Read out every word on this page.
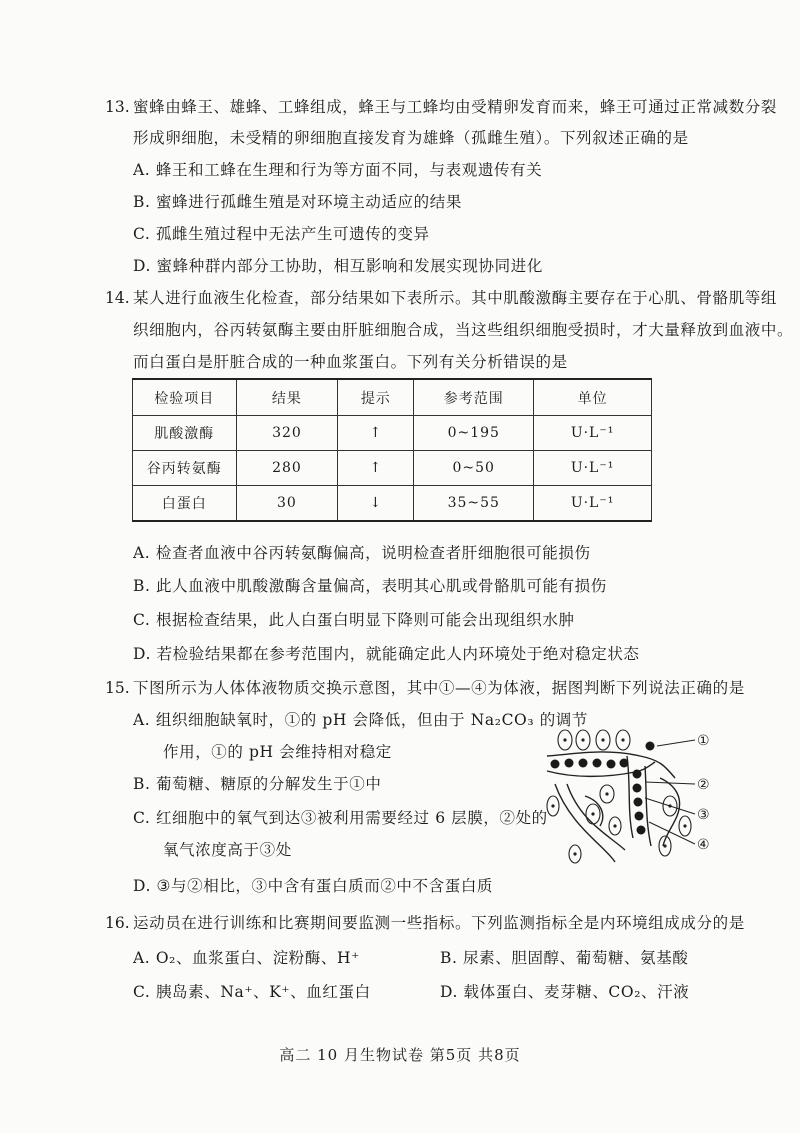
13. 蜜蜂由蜂王、雄蜂、工蜂组成，蜂王与工蜂均由受精卵发育而来，蜂王可通过正常减数分裂
形成卵细胞，未受精的卵细胞直接发育为雄蜂（孤雌生殖）。下列叙述正确的是
A. 蜂王和工蜂在生理和行为等方面不同，与表观遗传有关
B. 蜜蜂进行孤雌生殖是对环境主动适应的结果
C. 孤雌生殖过程中无法产生可遗传的变异
D. 蜜蜂种群内部分工协助，相互影响和发展实现协同进化
14. 某人进行血液生化检查，部分结果如下表所示。其中肌酸激酶主要存在于心肌、骨骼肌等组
织细胞内，谷丙转氨酶主要由肝脏细胞合成，当这些组织细胞受损时，才大量释放到血液中。
而白蛋白是肝脏合成的一种血浆蛋白。下列有关分析错误的是
检验项目	结果	提示	参考范围	单位
肌酸激酶	320	↑	0~195	U·L⁻¹
谷丙转氨酶	280	↑	0~50	U·L⁻¹
白蛋白	30	↓	35~55	U·L⁻¹
A. 检查者血液中谷丙转氨酶偏高，说明检查者肝细胞很可能损伤
B. 此人血液中肌酸激酶含量偏高，表明其心肌或骨骼肌可能有损伤
C. 根据检查结果，此人白蛋白明显下降则可能会出现组织水肿
D. 若检验结果都在参考范围内，就能确定此人内环境处于绝对稳定状态
15. 下图所示为人体体液物质交换示意图，其中①—④为体液，据图判断下列说法正确的是
A. 组织细胞缺氧时，①的 pH 会降低，但由于 Na₂CO₃ 的调节
作用，①的 pH 会维持相对稳定
B. 葡萄糖、糖原的分解发生于①中
C. 红细胞中的氧气到达③被利用需要经过 6 层膜，②处的
氧气浓度高于③处
D. ③与②相比，③中含有蛋白质而②中不含蛋白质
①
②
③
④
16. 运动员在进行训练和比赛期间要监测一些指标。下列监测指标全是内环境组成成分的是
A. O₂、血浆蛋白、淀粉酶、H⁺	B. 尿素、胆固醇、葡萄糖、氨基酸
C. 胰岛素、Na⁺、K⁺、血红蛋白	D. 载体蛋白、麦芽糖、CO₂、汗液
高二 10 月生物试卷 第5页 共8页
